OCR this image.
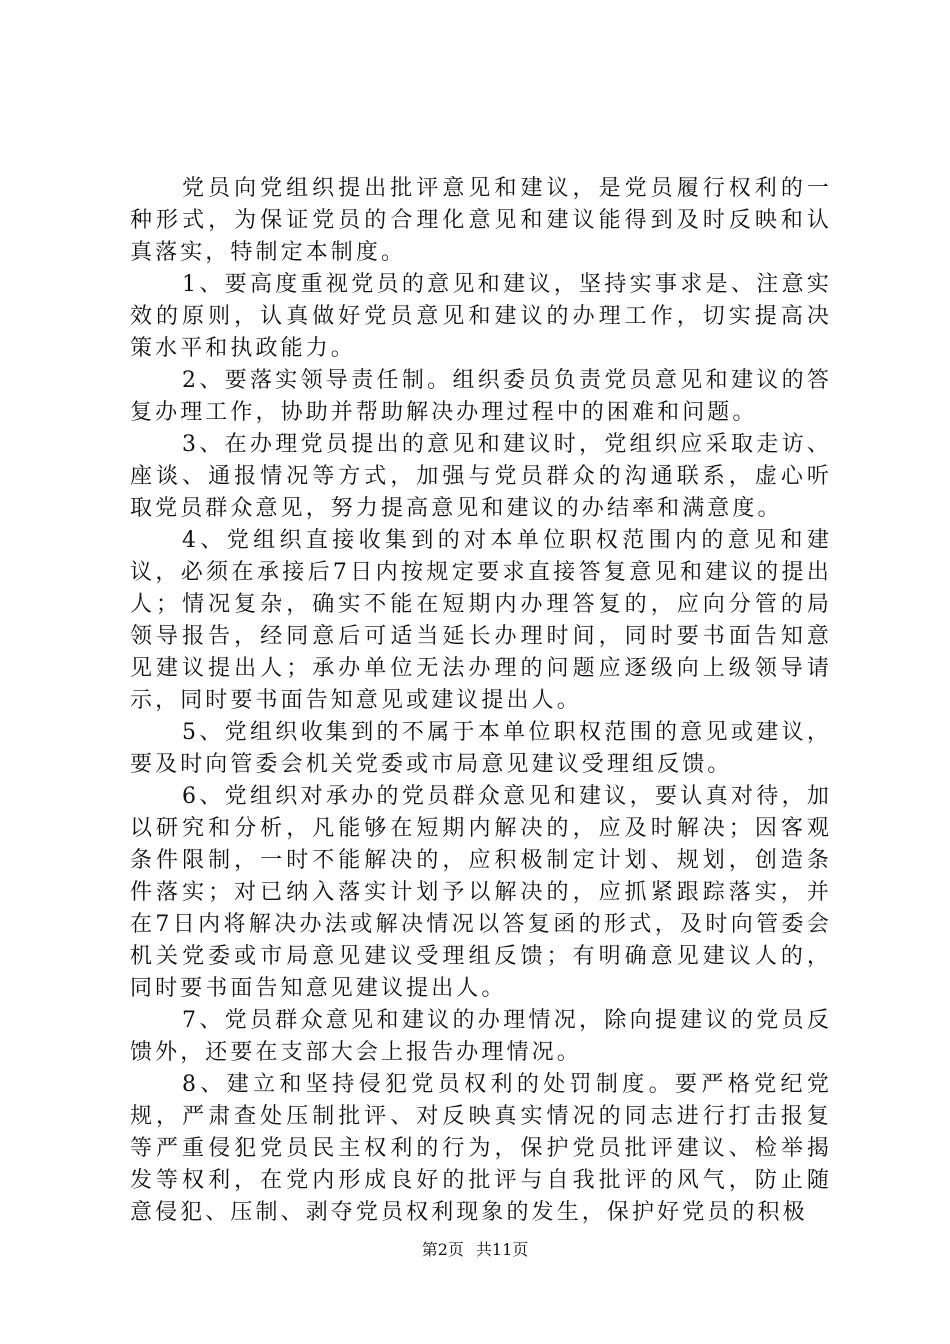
党员向党组织提出批评意见和建议，是党员履行权利的一种形式，为保证党员的合理化意见和建议能得到及时反映和认真落实，特制定本制度。

1、要高度重视党员的意见和建议，坚持实事求是、注意实效的原则，认真做好党员意见和建议的办理工作，切实提高决策水平和执政能力。

2、要落实领导责任制。组织委员负责党员意见和建议的答复办理工作，协助并帮助解决办理过程中的困难和问题。

3、在办理党员提出的意见和建议时，党组织应采取走访、座谈、通报情况等方式，加强与党员群众的沟通联系，虚心听取党员群众意见，努力提高意见和建议的办结率和满意度。

4、党组织直接收集到的对本单位职权范围内的意见和建议，必须在承接后7日内按规定要求直接答复意见和建议的提出人；情况复杂，确实不能在短期内办理答复的，应向分管的局领导报告，经同意后可适当延长办理时间，同时要书面告知意见建议提出人；承办单位无法办理的问题应逐级向上级领导请示，同时要书面告知意见或建议提出人。

5、党组织收集到的不属于本单位职权范围的意见或建议，要及时向管委会机关党委或市局意见建议受理组反馈。

6、党组织对承办的党员群众意见和建议，要认真对待，加以研究和分析，凡能够在短期内解决的，应及时解决；因客观条件限制，一时不能解决的，应积极制定计划、规划，创造条件落实；对已纳入落实计划予以解决的，应抓紧跟踪落实，并在7日内将解决办法或解决情况以答复函的形式，及时向管委会机关党委或市局意见建议受理组反馈；有明确意见建议人的，同时要书面告知意见建议提出人。

7、党员群众意见和建议的办理情况，除向提建议的党员反馈外，还要在支部大会上报告办理情况。

8、建立和坚持侵犯党员权利的处罚制度。要严格党纪党规，严肃查处压制批评、对反映真实情况的同志进行打击报复等严重侵犯党员民主权利的行为，保护党员批评建议、检举揭发等权利，在党内形成良好的批评与自我批评的风气，防止随意侵犯、压制、剥夺党员权利现象的发生，保护好党员的积极

第2页 共11页
